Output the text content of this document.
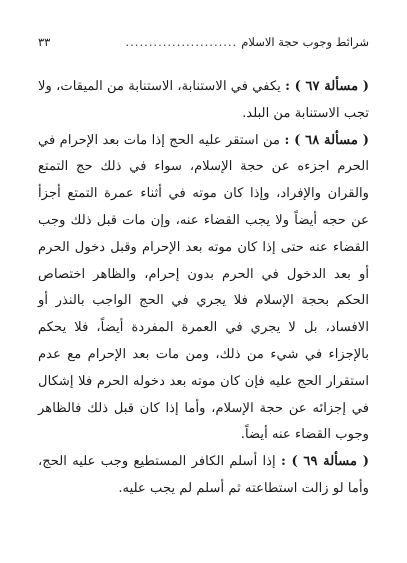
شرائط وجوب حجة الاسلام
........................
٣٣

( مسألة ٦٧ ) : يكفي في الاستنابة، الاستنابة من الميقات، ولا تجب الاستنابة من البلد.

( مسألة ٦٨ ) : من استقر عليه الحج إذا مات بعد الإحرام في الحرم اجزءه عن حجة الإسلام، سواء في ذلك حج التمتع والقران والإفراد، وإذا كان موته في أثناء عمرة التمتع أجزأ عن حجه أيضاً ولا يجب القضاء عنه، وإن مات قبل ذلك وجب القضاء عنه حتى إذا كان موته بعد الإحرام وقبل دخول الحرم أو بعد الدخول في الحرم بدون إحرام، والظاهر اختصاص الحكم بحجة الإسلام فلا يجري في الحج الواجب بالنذر أو الافساد، بل لا يجري في العمرة المفردة أيضاً، فلا يحكم بالإجزاء في شيء من ذلك، ومن مات بعد الإحرام مع عدم استقرار الحج عليه فإن كان موته بعد دخوله الحرم فلا إشكال في إجزائه عن حجة الإسلام، وأما إذا كان قبل ذلك فالظاهر وجوب القضاء عنه أيضاً.

( مسألة ٦٩ ) : إذا أسلم الكافر المستطيع وجب عليه الحج، وأما لو زالت استطاعته ثم أسلم لم يجب عليه.
